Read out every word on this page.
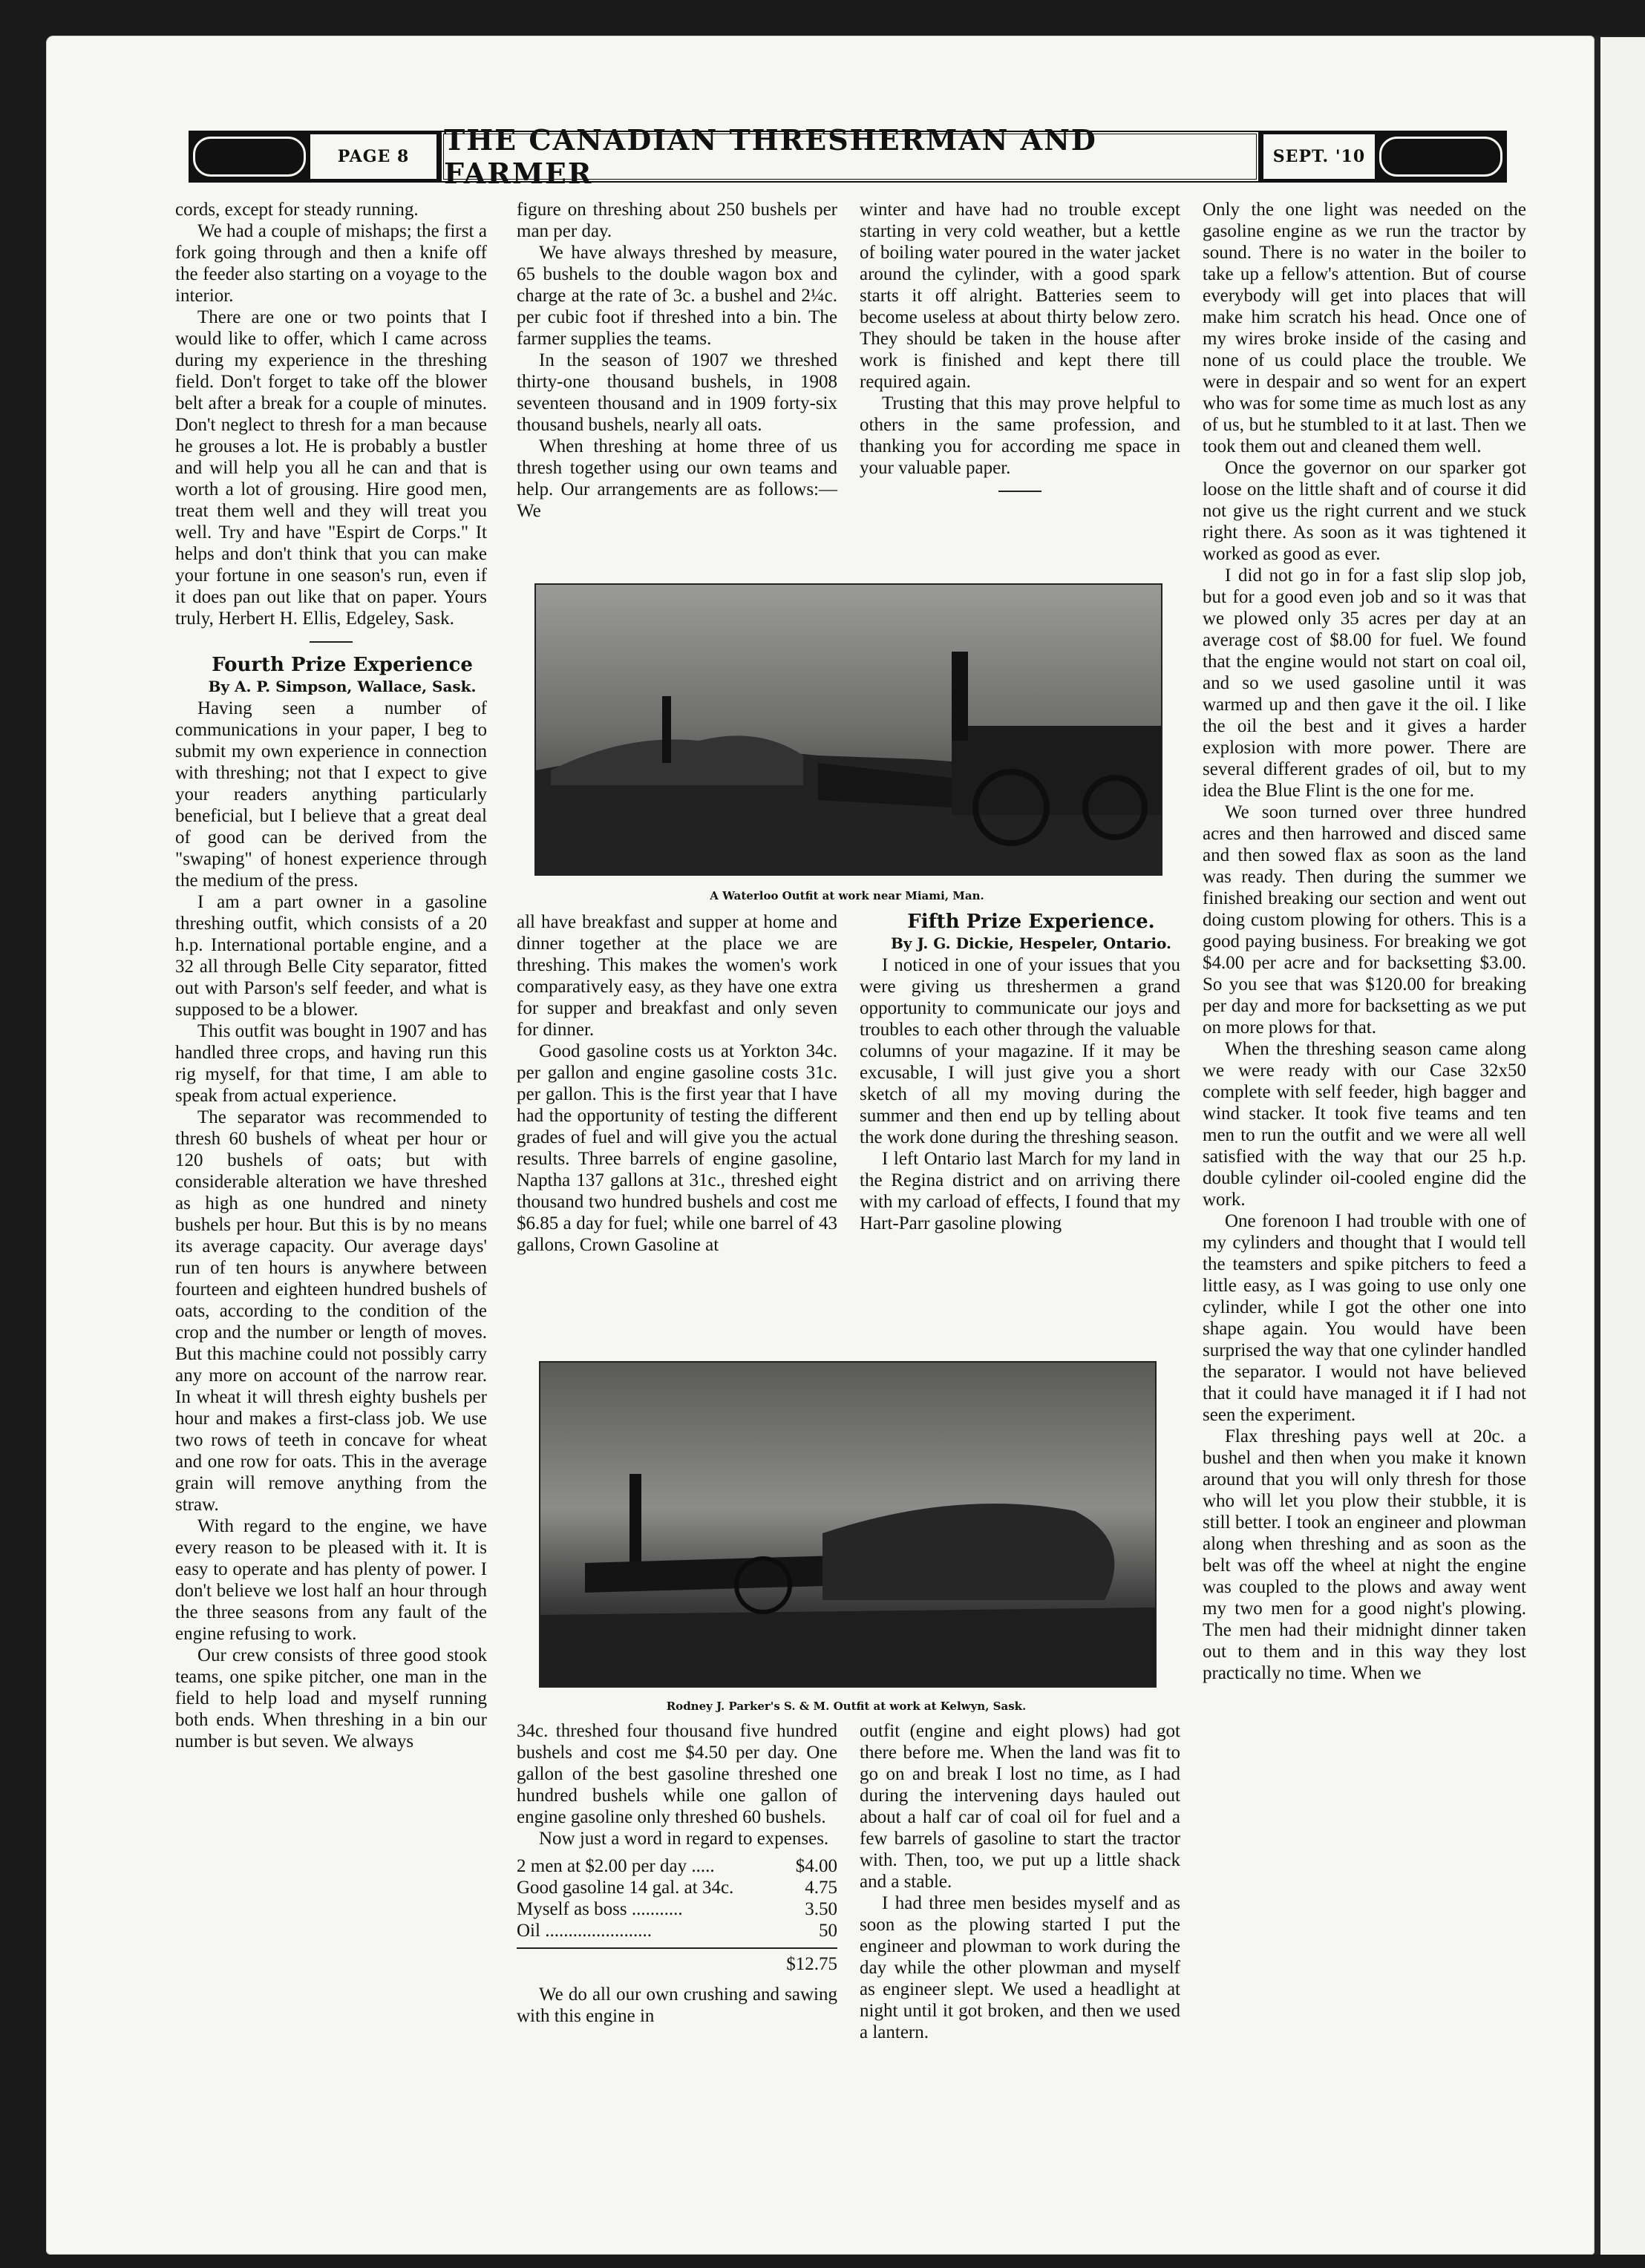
PAGE 8 THE CANADIAN THRESHERMAN AND FARMER	SEPT. '10

cords, except for steady running.

We had a couple of mishaps; the first a fork going through and then a knife off the feeder also starting on a voyage to the interior.

There are one or two points that I would like to offer, which I came across during my experience in the threshing field. Don't forget to take off the blower belt after a break for a couple of minutes. Don't neglect to thresh for a man because he grouses a lot. He is probably a bustler and will help you all he can and that is worth a lot of grousing. Hire good men, treat them well and they will treat you well. Try and have "Espirt de Corps." It helps and don't think that you can make your fortune in one season's run, even if it does pan out like that on paper. Yours truly, Herbert H. Ellis, Edgeley, Sask.

Fourth Prize Experience

By A. P. Simpson, Wallace, Sask.

Having seen a number of communications in your paper, I beg to submit my own experience in connection with threshing; not that I expect to give your readers anything particularly beneficial, but I believe that a great deal of good can be derived from the "swaping" of honest experience through the medium of the press.

I am a part owner in a gasoline threshing outfit, which consists of a 20 h.p. International portable engine, and a 32 all through Belle City separator, fitted out with Parson's self feeder, and what is supposed to be a blower.

This outfit was bought in 1907 and has handled three crops, and having run this rig myself, for that time, I am able to speak from actual experience.

The separator was recommended to thresh 60 bushels of wheat per hour or 120 bushels of oats; but with considerable alteration we have threshed as high as one hundred and ninety bushels per hour. But this is by no means its average capacity. Our average days' run of ten hours is anywhere between fourteen and eighteen hundred bushels of oats, according to the condition of the crop and the number or length of moves. But this machine could not possibly carry any more on account of the narrow rear. In wheat it will thresh eighty bushels per hour and makes a first-class job. We use two rows of teeth in concave for wheat and one row for oats. This in the average grain will remove anything from the straw.

With regard to the engine, we have every reason to be pleased with it. It is easy to operate and has plenty of power. I don't believe we lost half an hour through the three seasons from any fault of the engine refusing to work.

Our crew consists of three good stook teams, one spike pitcher, one man in the field to help load and myself running both ends. When threshing in a bin our number is but seven. We always

figure on threshing about 250 bushels per man per day.

We have always threshed by measure, 65 bushels to the double wagon box and charge at the rate of 3c. a bushel and 2¼c. per cubic foot if threshed into a bin. The farmer supplies the teams.

In the season of 1907 we threshed thirty-one thousand bushels, in 1908 seventeen thousand and in 1909 forty-six thousand bushels, nearly all oats.

When threshing at home three of us thresh together using our own teams and help. Our arrangements are as follows:—We

winter and have had no trouble except starting in very cold weather, but a kettle of boiling water poured in the water jacket around the cylinder, with a good spark starts it off alright. Batteries seem to become useless at about thirty below zero. They should be taken in the house after work is finished and kept there till required again.

Trusting that this may prove helpful to others in the same profession, and thanking you for according me space in your valuable paper.

A Waterloo Outfit at work near Miami, Man.

all have breakfast and supper at home and dinner together at the place we are threshing. This makes the women's work comparatively easy, as they have one extra for supper and breakfast and only seven for dinner.

Good gasoline costs us at Yorkton 34c. per gallon and engine gasoline costs 31c. per gallon. This is the first year that I have had the opportunity of testing the different grades of fuel and will give you the actual results. Three barrels of engine gasoline, Naptha 137 gallons at 31c., threshed eight thousand two hundred bushels and cost me $6.85 a day for fuel; while one barrel of 43 gallons, Crown Gasoline at

Fifth Prize Experience.

By J. G. Dickie, Hespeler, Ontario.

I noticed in one of your issues that you were giving us threshermen a grand opportunity to communicate our joys and troubles to each other through the valuable columns of your magazine. If it may be excusable, I will just give you a short sketch of all my moving during the summer and then end up by telling about the work done during the threshing season.

I left Ontario last March for my land in the Regina district and on arriving there with my carload of effects, I found that my Hart-Parr gasoline plowing

Rodney J. Parker's S. & M. Outfit at work at Kelwyn, Sask.

34c. threshed four thousand five hundred bushels and cost me $4.50 per day. One gallon of the best gasoline threshed one hundred bushels while one gallon of engine gasoline only threshed 60 bushels.

Now just a word in regard to expenses.

2 men at $2.00 per day .....	$4.00
Good gasoline 14 gal. at 34c.	4.75
Myself as boss ...........	3.50
Oil .......................	50
$12.75

We do all our own crushing and sawing with this engine in

outfit (engine and eight plows) had got there before me. When the land was fit to go on and break I lost no time, as I had during the intervening days hauled out about a half car of coal oil for fuel and a few barrels of gasoline to start the tractor with. Then, too, we put up a little shack and a stable.

I had three men besides myself and as soon as the plowing started I put the engineer and plowman to work during the day while the other plowman and myself as engineer slept. We used a headlight at night until it got broken, and then we used a lantern.

Only the one light was needed on the gasoline engine as we run the tractor by sound. There is no water in the boiler to take up a fellow's attention. But of course everybody will get into places that will make him scratch his head. Once one of my wires broke inside of the casing and none of us could place the trouble. We were in despair and so went for an expert who was for some time as much lost as any of us, but he stumbled to it at last. Then we took them out and cleaned them well.

Once the governor on our sparker got loose on the little shaft and of course it did not give us the right current and we stuck right there. As soon as it was tightened it worked as good as ever.

I did not go in for a fast slip slop job, but for a good even job and so it was that we plowed only 35 acres per day at an average cost of $8.00 for fuel. We found that the engine would not start on coal oil, and so we used gasoline until it was warmed up and then gave it the oil. I like the oil the best and it gives a harder explosion with more power. There are several different grades of oil, but to my idea the Blue Flint is the one for me.

We soon turned over three hundred acres and then harrowed and disced same and then sowed flax as soon as the land was ready. Then during the summer we finished breaking our section and went out doing custom plowing for others. This is a good paying business. For breaking we got $4.00 per acre and for backsetting $3.00. So you see that was $120.00 for breaking per day and more for backsetting as we put on more plows for that.

When the threshing season came along we were ready with our Case 32x50 complete with self feeder, high bagger and wind stacker. It took five teams and ten men to run the outfit and we were all well satisfied with the way that our 25 h.p. double cylinder oil-cooled engine did the work.

One forenoon I had trouble with one of my cylinders and thought that I would tell the teamsters and spike pitchers to feed a little easy, as I was going to use only one cylinder, while I got the other one into shape again. You would have been surprised the way that one cylinder handled the separator. I would not have believed that it could have managed it if I had not seen the experiment.

Flax threshing pays well at 20c. a bushel and then when you make it known around that you will only thresh for those who will let you plow their stubble, it is still better. I took an engineer and plowman along when threshing and as soon as the belt was off the wheel at night the engine was coupled to the plows and away went my two men for a good night's plowing. The men had their midnight dinner taken out to them and in this way they lost practically no time. When we
